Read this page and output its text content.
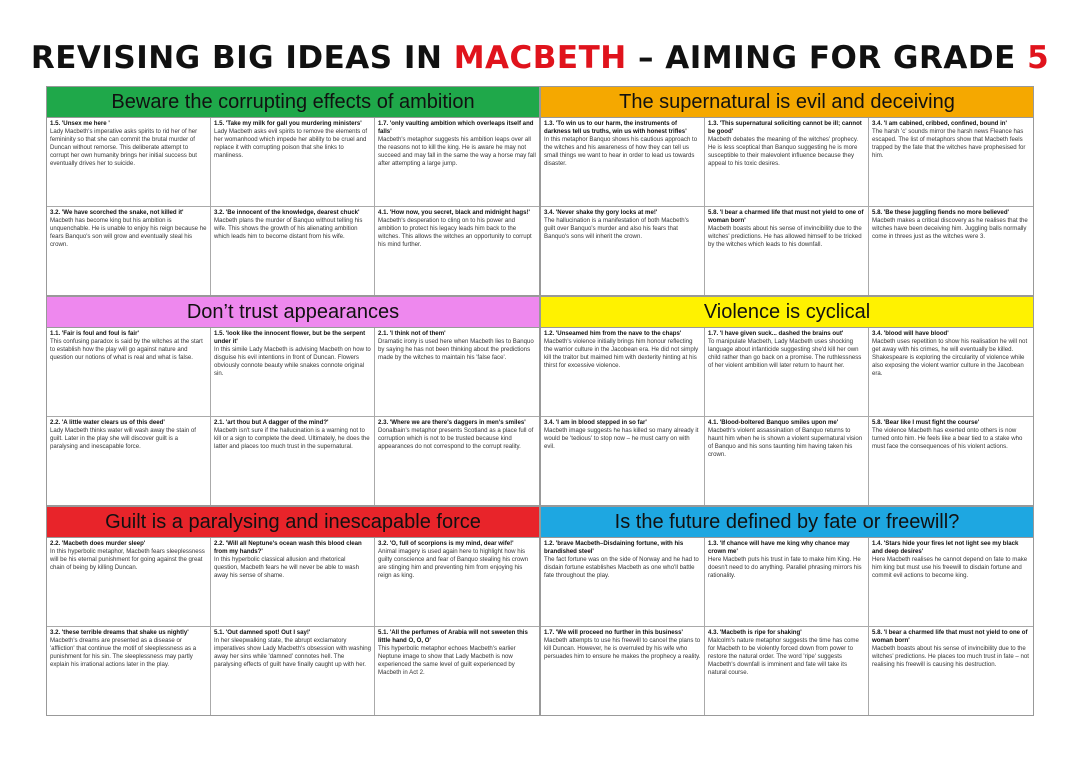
REVISING BIG IDEAS IN MACBETH – AIMING FOR GRADE 5
Beware the corrupting effects of ambition
1.5. 'Unsex me here '
Lady Macbeth's imperative asks spirits to rid her of her femininity so that she can commit the brutal murder of Duncan without remorse. This deliberate attempt to corrupt her own humanity brings her initial success but eventually drives her to suicide.
1.5. 'Take my milk for gall you murdering ministers'
Lady Macbeth asks evil spirits to remove the elements of her womanhood which impede her ability to be cruel and replace it with corrupting poison that she links to manliness.
1.7. 'only vaulting ambition which overleaps itself and falls'
Macbeth's metaphor suggests his ambition leaps over all the reasons not to kill the king. He is aware he may not succeed and may fall in the same the way a horse may fall after attempting a large jump.
3.2. 'We have scorched the snake, not killed it'
Macbeth has become king but his ambition is unquenchable. He is unable to enjoy his reign because he fears Banquo's son will grow and eventually steal his crown.
3.2. 'Be innocent of the knowledge, dearest chuck'
Macbeth plans the murder of Banquo without telling his wife. This shows the growth of his alienating ambition which leads him to become distant from his wife.
4.1. 'How now, you secret, black and midnight hags!'
Macbeth's desperation to cling on to his power and ambition to protect his legacy leads him back to the witches. This allows the witches an opportunity to corrupt his mind further.
The supernatural is evil and deceiving
1.3. 'To win us to our harm, the instruments of darkness tell us truths, win us with honest trifles'
In this metaphor Banquo shows his cautious approach to the witches and his awareness of how they can tell us small things we want to hear in order to lead us towards disaster.
1.3. 'This supernatural soliciting cannot be ill; cannot be good'
Macbeth debates the meaning of the witches' prophecy. He is less sceptical than Banquo suggesting he is more susceptible to their malevolent influence because they appeal to his toxic desires.
3.4. 'I am cabined, cribbed, confined, bound in'
The harsh 'c' sounds mirror the harsh news Fleance has escaped. The list of metaphors show that Macbeth feels trapped by the fate that the witches have prophesised for him.
3.4. 'Never shake thy gory locks at me!'
The hallucination is a manifestation of both Macbeth's guilt over Banquo's murder and also his fears that Banquo's sons will inherit the crown.
5.8. 'I bear a charmed life that must not yield to one of woman born'
Macbeth boasts about his sense of invincibility due to the witches' predictions. He has allowed himself to be tricked by the witches which leads to his downfall.
5.8. 'Be these juggling fiends no more believed'
Macbeth makes a critical discovery as he realises that the witches have been deceiving him. Juggling balls normally come in threes just as the witches were 3.
Don’t trust appearances
1.1. 'Fair is foul and foul is fair'
This confusing paradox is said by the witches at the start to establish how the play will go against nature and question our notions of what is real and what is false.
1.5. 'look like the innocent flower, but be the serpent under it'
In this simile Lady Macbeth is advising Macbeth on how to disguise his evil intentions in front of Duncan. Flowers obviously connote beauty while snakes connote original sin.
2.1. 'I think not of them'
Dramatic irony is used here when Macbeth lies to Banquo by saying he has not been thinking about the predictions made by the witches to maintain his 'false face'.
2.2. 'A little water clears us of this deed'
Lady Macbeth thinks water will wash away the stain of guilt. Later in the play she will discover guilt is a paralysing and inescapable force.
2.1. 'art thou but A dagger of the mind?'
Macbeth isn't sure if the hallucination is a warning not to kill or a sign to complete the deed. Ultimately, he does the latter and places too much trust in the supernatural.
2.3. 'Where we are there's daggers in men's smiles'
Donalbain's metaphor presents Scotland as a place full of corruption which is not to be trusted because kind appearances do not correspond to the corrupt reality.
Violence is cyclical
1.2. 'Unseamed him from the nave to the chaps'
Macbeth's violence initially brings him honour reflecting the warrior culture in the Jacobean era. He did not simply kill the traitor but maimed him with dexterity hinting at his thirst for excessive violence.
1.7. 'I have given suck... dashed the brains out'
To manipulate Macbeth, Lady Macbeth uses shocking language about infanticide suggesting she'd kill her own child rather than go back on a promise. The ruthlessness of her violent ambition will later return to haunt her.
3.4. 'blood will have blood'
Macbeth uses repetition to show his realisation he will not get away with his crimes, he will eventually be killed. Shakespeare is exploring the circularity of violence while also exposing the violent warrior culture in the Jacobean era.
3.4. 'I am in blood stepped in so far'
Macbeth image suggests he has killed so many already it would be 'tedious' to stop now – he must carry on with evil.
4.1. 'Blood-boltered Banquo smiles upon me'
Macbeth's violent assassination of Banquo returns to haunt him when he is shown a violent supernatural vision of Banquo and his sons taunting him having taken his crown.
5.8. 'Bear like I must fight the course'
The violence Macbeth has exerted onto others is now turned onto him. He feels like a bear tied to a stake who must face the consequences of his violent actions.
Guilt is a paralysing and inescapable force
2.2. 'Macbeth does murder sleep'
In this hyperbolic metaphor, Macbeth fears sleeplessness will be his eternal punishment for going against the great chain of being by killing Duncan.
2.2. 'Will all Neptune's ocean wash this blood clean from my hands?'
In this hyperbolic classical allusion and rhetorical question, Macbeth fears he will never be able to wash away his sense of shame.
3.2. 'O, full of scorpions is my mind, dear wife!'
Animal imagery is used again here to highlight how his guilty conscience and fear of Banquo stealing his crown are stinging him and preventing him from enjoying his reign as king.
3.2. 'these terrible dreams that shake us nightly'
Macbeth's dreams are presented as a disease or 'affliction' that continue the motif of sleeplessness as a punishment for his sin. The sleeplessness may partly explain his irrational actions later in the play.
5.1. 'Out damned spot! Out I say!'
In her sleepwalking state, the abrupt exclamatory imperatives show Lady Macbeth's obsession with washing away her sins while 'damned' connotes hell. The paralysing effects of guilt have finally caught up with her.
5.1. 'All the perfumes of Arabia will not sweeten this little hand O, O, O'
This hyperbolic metaphor echoes Macbeth's earlier Neptune image to show that Lady Macbeth is now experienced the same level of guilt experienced by Macbeth in Act 2.
Is the future defined by fate or freewill?
1.2. 'brave Macbeth–Disdaining fortune, with his brandished steel'
The fact fortune was on the side of Norway and he had to disdain fortune establishes Macbeth as one who'll battle fate throughout the play.
1.3. 'If chance will have me king why chance may crown me'
Here Macbeth puts his trust in fate to make him King. He doesn't need to do anything. Parallel phrasing mirrors his rationality.
1.4. 'Stars hide your fires let not light see my black and deep desires'
Here Macbeth realises he cannot depend on fate to make him king but must use his freewill to disdain fortune and commit evil actions to become king.
1.7. 'We will proceed no further in this business'
Macbeth attempts to use his freewill to cancel the plans to kill Duncan. However, he is overruled by his wife who persuades him to ensure he makes the prophecy a reality.
4.3. 'Macbeth is ripe for shaking'
Malcolm's nature metaphor suggests the time has come for Macbeth to be violently forced down from power to restore the natural order. The word 'ripe' suggests Macbeth's downfall is imminent and fate will take its natural course.
5.8. 'I bear a charmed life that must not yield to one of woman born'
Macbeth boasts about his sense of invincibility due to the witches' predictions. He places too much trust in fate – not realising his freewill is causing his destruction.
